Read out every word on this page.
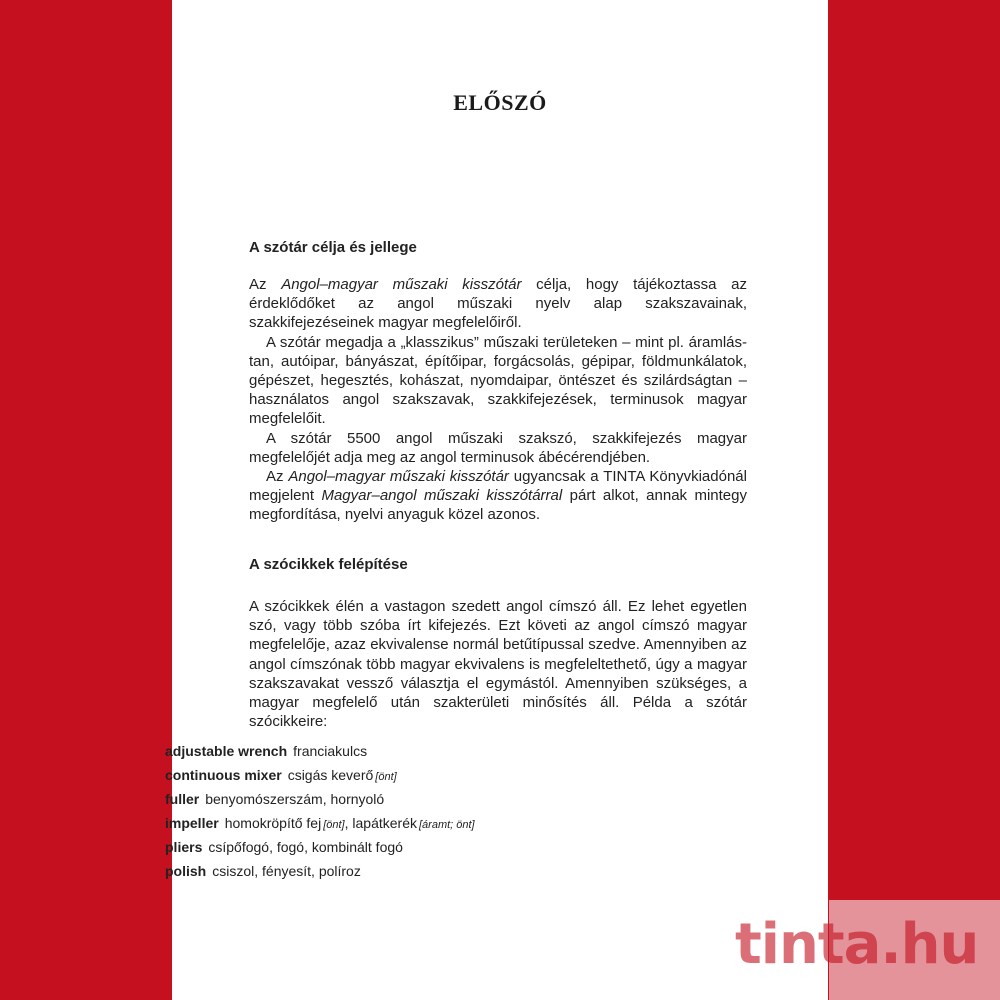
ELŐSZÓ
A szótár célja és jellege

Az Angol–magyar műszaki kisszótár célja, hogy tájékoztassa az érdeklődőket az angol műszaki nyelv alap szakszavainak, szakkifejezéseinek magyar megfelelőiről.

A szótár megadja a „klasszikus” műszaki területeken – mint pl. áramlástan, autóipar, bányászat, építőipar, forgácsolás, gépipar, földmunkálatok, gépészet, hegesztés, kohászat, nyomdaipar, öntészet és szilárdságtan – használatos angol szakszavak, szakkifejezések, terminusok magyar megfelelőit.

A szótár 5500 angol műszaki szakszó, szakkifejezés magyar megfelelőjét adja meg az angol terminusok ábécérendjében.

Az Angol–magyar műszaki kisszótár ugyancsak a TINTA Könyvkiadónál megjelent Magyar–angol műszaki kisszótárral párt alkot, annak mintegy megfordítása, nyelvi anyaguk közel azonos.

A szócikkek felépítése

A szócikkek élén a vastagon szedett angol címszó áll. Ez lehet egyetlen szó, vagy több szóba írt kifejezés. Ezt követi az angol címszó magyar megfelelője, azaz ekvivalense normál betűtípussal szedve. Amennyiben az angol címszónak több magyar ekvivalens is megfeleltethető, úgy a magyar szakszavakat vessző választja el egymástól. Amennyiben szükséges, a magyar megfelelő után szakterületi minősítés áll. Példa a szótár szócikkeire:

adjustable wrench franciakulcs
continuous mixer csigás keverő [önt]
fuller benyomószerszám, hornyoló
impeller homokröpítő fej [önt], lapátkerék [áramt; önt]
pliers csípőfogó, fogó, kombinált fogó
polish csiszol, fényesít, políroz
tinta.hu
